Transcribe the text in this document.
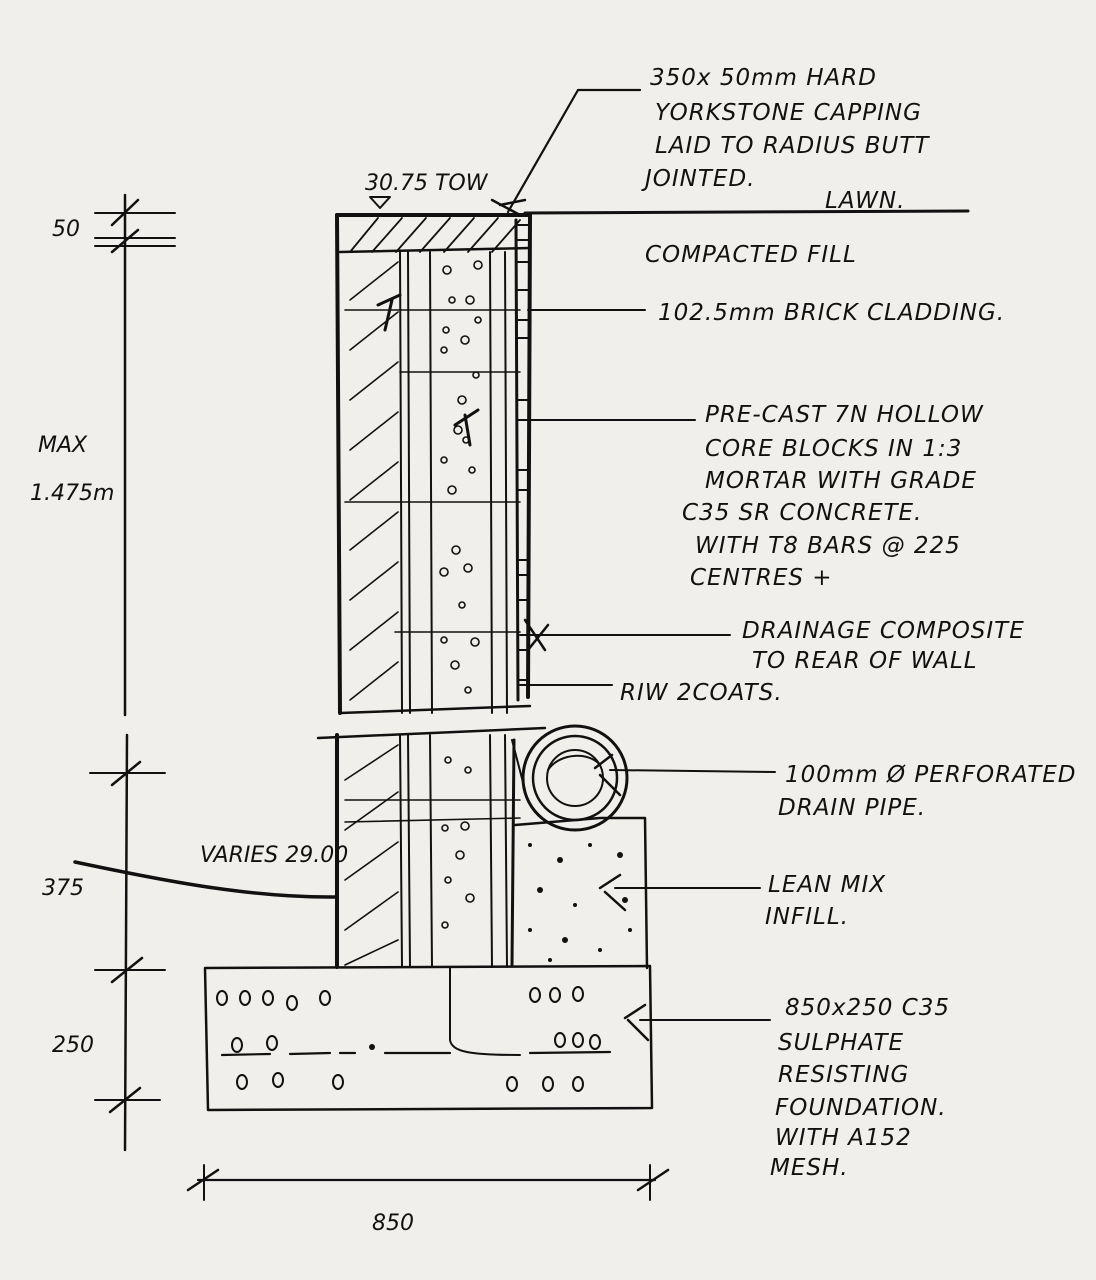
30.75 TOW
VARIES 29.00
50
MAX
1.475m
375
250
850
350x 50mm HARD
YORKSTONE CAPPING
LAID TO RADIUS BUTT
JOINTED.
LAWN.
COMPACTED FILL
102.5mm BRICK CLADDING.
PRE-CAST 7N HOLLOW
CORE BLOCKS IN 1:3
MORTAR WITH GRADE
C35 SR CONCRETE.
WITH T8 BARS @ 225
CENTRES +
DRAINAGE COMPOSITE
TO REAR OF WALL
RIW 2COATS.
100mm Ø PERFORATED
DRAIN PIPE.
LEAN MIX
INFILL.
850x250 C35
SULPHATE
RESISTING
FOUNDATION.
WITH A152
MESH.
